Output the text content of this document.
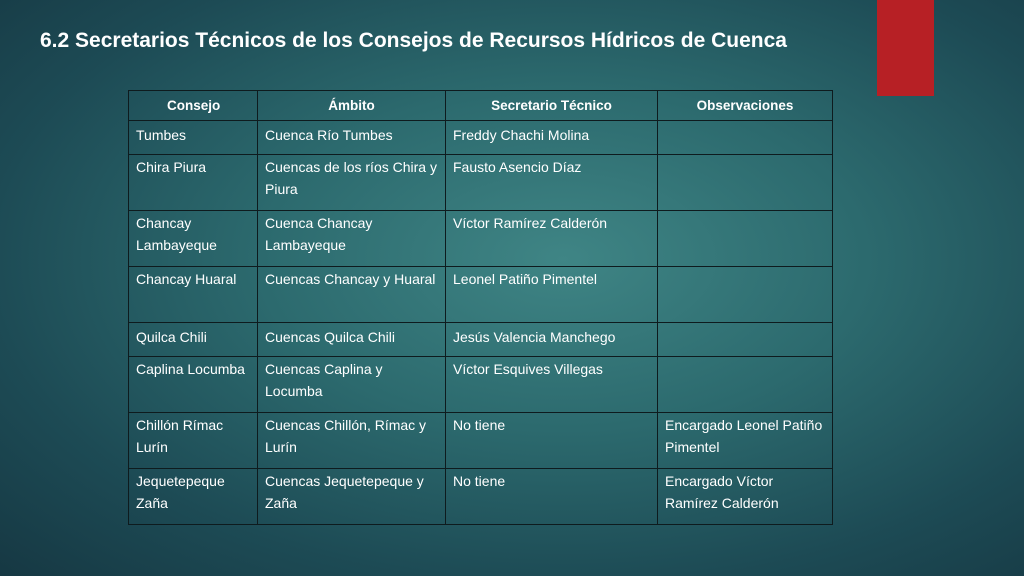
6.2 Secretarios Técnicos de los Consejos de Recursos Hídricos de Cuenca
Consejo	Ámbito	Secretario Técnico	Observaciones
Tumbes	Cuenca Río Tumbes	Freddy Chachi Molina	
Chira Piura	Cuencas de los ríos Chira y Piura	Fausto Asencio Díaz	
Chancay Lambayeque	Cuenca Chancay Lambayeque	Víctor Ramírez Calderón	
Chancay Huaral	Cuencas Chancay y Huaral	Leonel Patiño Pimentel	
Quilca Chili	Cuencas Quilca Chili	Jesús Valencia Manchego	
Caplina Locumba	Cuencas Caplina y Locumba	Víctor Esquives Villegas	
Chillón Rímac Lurín	Cuencas Chillón, Rímac y Lurín	No tiene	Encargado Leonel Patiño Pimentel
Jequetepeque Zaña	Cuencas Jequetepeque y Zaña	No tiene	Encargado Víctor Ramírez Calderón
